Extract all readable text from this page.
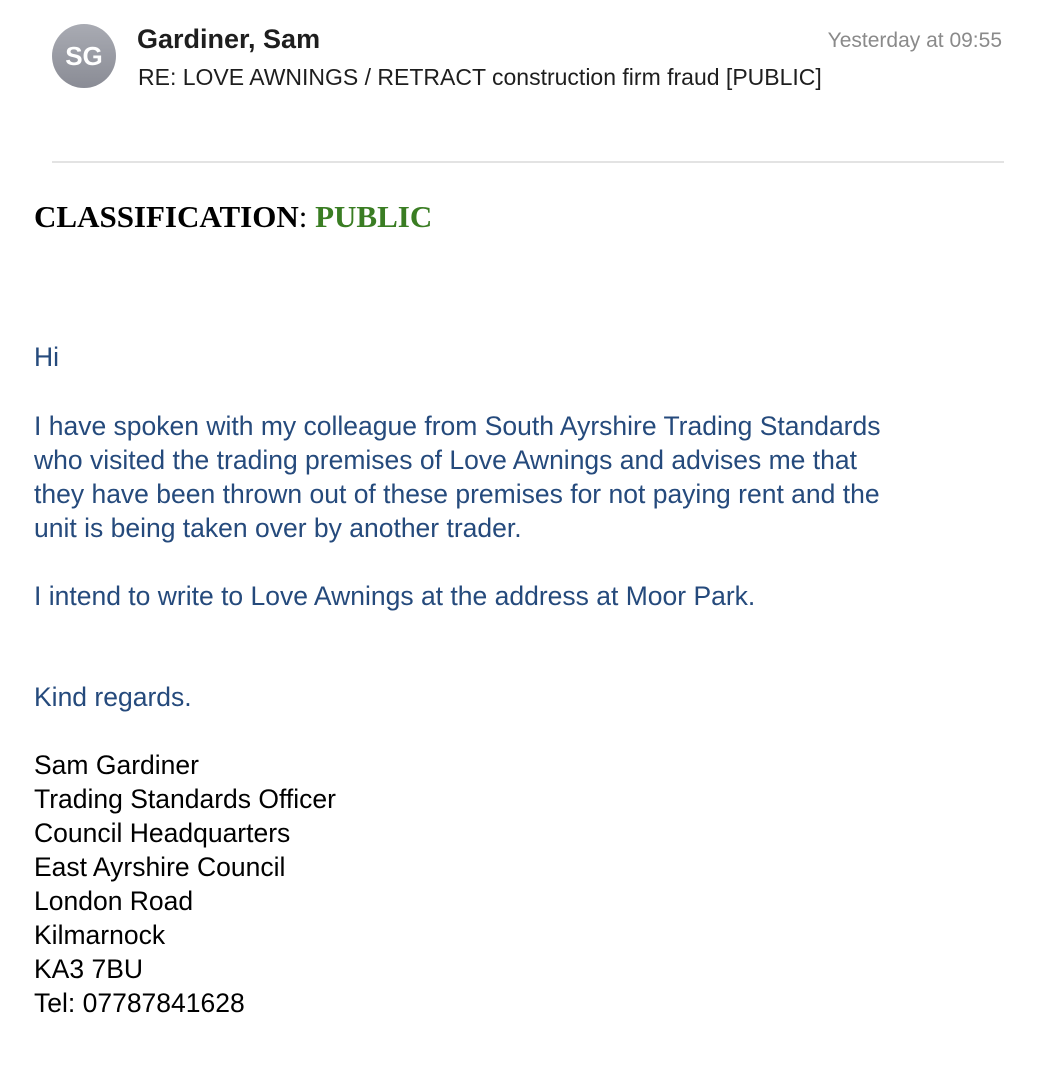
SG
Gardiner, Sam
RE: LOVE AWNINGS / RETRACT construction firm fraud [PUBLIC]
Yesterday at 09:55
CLASSIFICATION: PUBLIC
Hi
I have spoken with my colleague from South Ayrshire Trading Standards
who visited the trading premises of Love Awnings and advises me that
they have been thrown out of these premises for not paying rent and the
unit is being taken over by another trader.
I intend to write to Love Awnings at the address at Moor Park.
Kind regards.
Sam Gardiner
Trading Standards Officer
Council Headquarters
East Ayrshire Council
London Road
Kilmarnock
KA3 7BU
Tel: 07787841628
